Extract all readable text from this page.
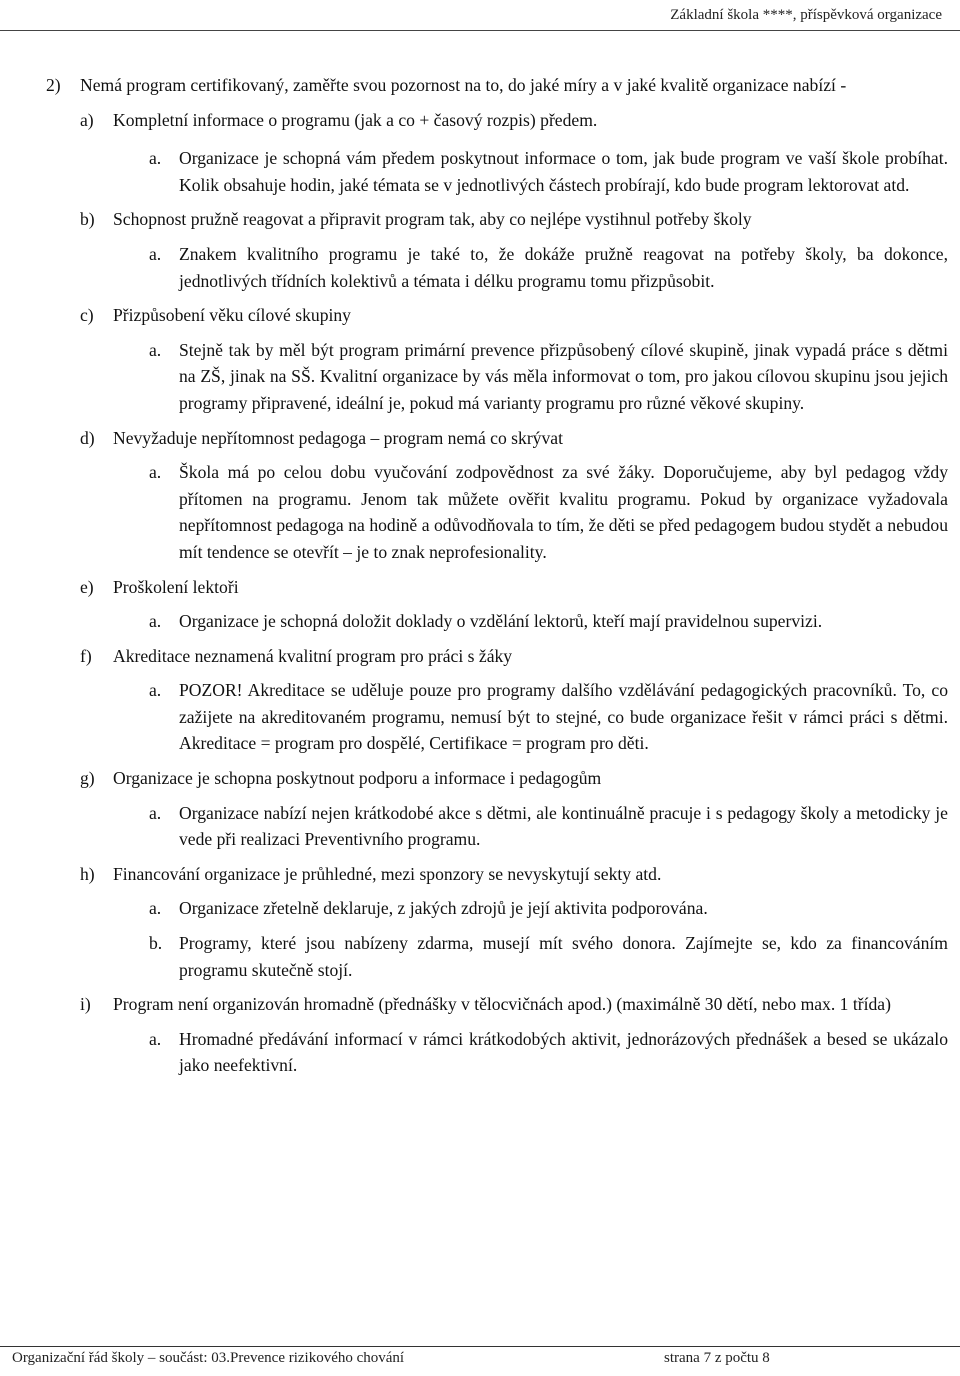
Základní škola ****, příspěvková organizace
2)	Nemá program certifikovaný, zaměřte svou pozornost na to, do jaké míry a v jaké kvalitě organizace nabízí -
a)	Kompletní informace o programu (jak a co + časový rozpis) předem.
a.	Organizace je schopná vám předem poskytnout informace o tom, jak bude program ve vaší škole probíhat. Kolik obsahuje hodin, jaké témata se v jednotlivých částech probírají, kdo bude program lektorovat atd.
b)	Schopnost pružně reagovat a připravit program tak, aby co nejlépe vystihnul potřeby školy
a.	Znakem kvalitního programu je také to, že dokáže pružně reagovat na potřeby školy, ba dokonce, jednotlivých třídních kolektivů a témata i délku programu tomu přizpůsobit.
c)	Přizpůsobení věku cílové skupiny
a.	Stejně tak by měl být program primární prevence přizpůsobený cílové skupině, jinak vypadá práce s dětmi na ZŠ, jinak na SŠ. Kvalitní organizace by vás měla informovat o tom, pro jakou cílovou skupinu jsou jejich programy připravené, ideální je, pokud má varianty programu pro různé věkové skupiny.
d)	Nevyžaduje nepřítomnost pedagoga – program nemá co skrývat
a.	Škola má po celou dobu vyučování zodpovědnost za své žáky. Doporučujeme, aby byl pedagog vždy přítomen na programu. Jenom tak můžete ověřit kvalitu programu. Pokud by organizace vyžadovala nepřítomnost pedagoga na hodině a odůvodňovala to tím, že děti se před pedagogem budou stydět a nebudou mít tendence se otevřít – je to znak neprofesionality.
e)	Proškolení lektoři
a.	Organizace je schopná doložit doklady o vzdělání lektorů, kteří mají pravidelnou supervizi.
f)	Akreditace neznamená kvalitní program pro práci s žáky
a.	POZOR! Akreditace se uděluje pouze pro programy dalšího vzdělávání pedagogických pracovníků. To, co zažijete na akreditovaném programu, nemusí být to stejné, co bude organizace řešit v rámci práci s dětmi. Akreditace = program pro dospělé, Certifikace = program pro děti.
g)	Organizace je schopna poskytnout podporu a informace i pedagogům
a.	Organizace nabízí nejen krátkodobé akce s dětmi, ale kontinuálně pracuje i s pedagogy školy a metodicky je vede při realizaci Preventivního programu.
h)	Financování organizace je průhledné, mezi sponzory se nevyskytují sekty atd.
a.	Organizace zřetelně deklaruje, z jakých zdrojů je její aktivita podporována.
b. Programy, které jsou nabízeny zdarma, musejí mít svého donora. Zajímejte se, kdo za financováním programu skutečně stojí.
i)	Program není organizován hromadně (přednášky v tělocvičnách apod.) (maximálně 30 dětí, nebo max. 1 třída)
a.	Hromadné předávání informací v rámci krátkodobých aktivit, jednorázových přednášek a besed se ukázalo jako neefektivní.
Organizační řád školy – součást: 03.Prevence rizikového chování	strana 7 z počtu 8
